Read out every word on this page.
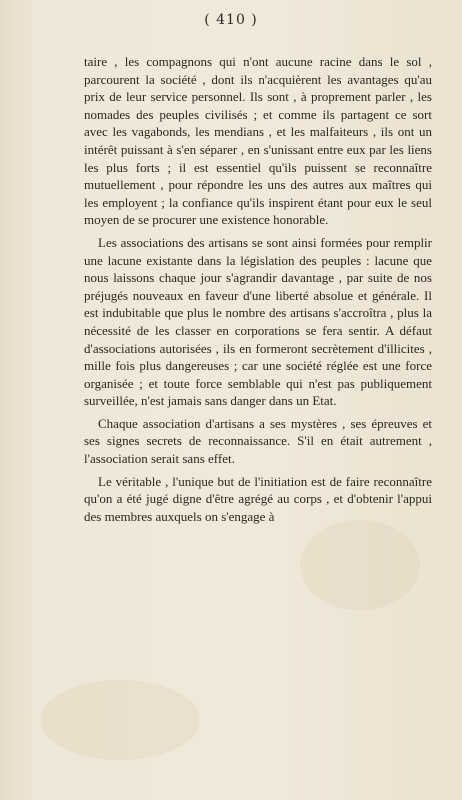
( 410 )

taire , les compagnons qui n'ont aucune racine dans le sol , parcourent la société , dont ils n'acquièrent les avantages qu'au prix de leur service personnel. Ils sont , à proprement parler , les nomades des peuples civilisés ; et comme ils partagent ce sort avec les vagabonds, les mendians , et les malfaiteurs , ils ont un intérêt puissant à s'en séparer , en s'unissant entre eux par les liens les plus forts ; il est essentiel qu'ils puissent se reconnaître mutuellement , pour répondre les uns des autres aux maîtres qui les employent ; la confiance qu'ils inspirent étant pour eux le seul moyen de se procurer une existence honorable.

Les associations des artisans se sont ainsi formées pour remplir une lacune existante dans la législation des peuples : lacune que nous laissons chaque jour s'agrandir davantage , par suite de nos préjugés nouveaux en faveur d'une liberté absolue et générale. Il est indubitable que plus le nombre des artisans s'accroîtra , plus la nécessité de les classer en corporations se fera sentir. A défaut d'associations autorisées , ils en formeront secrètement d'illicites , mille fois plus dangereuses ; car une société réglée est une force organisée ; et toute force semblable qui n'est pas publiquement surveillée, n'est jamais sans danger dans un Etat.

Chaque association d'artisans a ses mystères , ses épreuves et ses signes secrets de reconnaissance. S'il en était autrement , l'association serait sans effet.

Le véritable , l'unique but de l'initiation est de faire reconnaître qu'on a été jugé digne d'être agrégé au corps , et d'obtenir l'appui des membres auxquels on s'engage à
